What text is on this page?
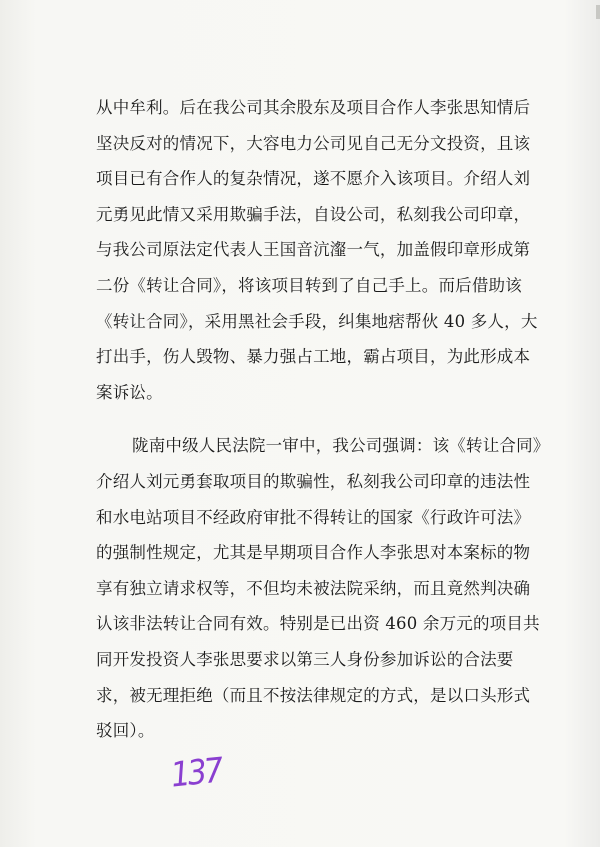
从中牟利。后在我公司其余股东及项目合作人李张思知情后
坚决反对的情况下，大容电力公司见自己无分文投资，且该
项目已有合作人的复杂情况，遂不愿介入该项目。介绍人刘
元勇见此情又采用欺骗手法，自设公司，私刻我公司印章，
与我公司原法定代表人王国音沆瀣一气，加盖假印章形成第
二份《转让合同》，将该项目转到了自己手上。而后借助该
《转让合同》，采用黑社会手段，纠集地痞帮伙 40 多人，大
打出手，伤人毁物、暴力强占工地，霸占项目，为此形成本
案诉讼。
陇南中级人民法院一审中，我公司强调：该《转让合同》
介绍人刘元勇套取项目的欺骗性，私刻我公司印章的违法性
和水电站项目不经政府审批不得转让的国家《行政许可法》
的强制性规定，尤其是早期项目合作人李张思对本案标的物
享有独立请求权等，不但均未被法院采纳，而且竟然判决确
认该非法转让合同有效。特别是已出资 460 余万元的项目共
同开发投资人李张思要求以第三人身份参加诉讼的合法要
求，被无理拒绝（而且不按法律规定的方式，是以口头形式
驳回）。
137
